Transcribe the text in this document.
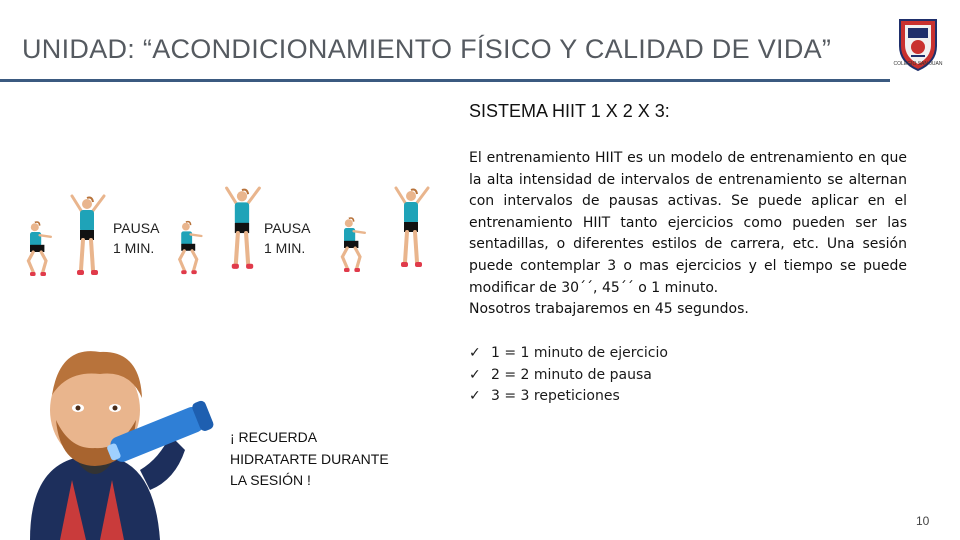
UNIDAD: “ACONDICIONAMIENTO FÍSICO Y CALIDAD DE VIDA”	COLEGIO SAN JUAN
SISTEMA HIIT 1 X 2 X 3:

El entrenamiento HIIT es un modelo de entrenamiento en que la alta intensidad de intervalos de entrenamiento se alternan con intervalos de pausas activas. Se puede aplicar en el entrenamiento HIIT tanto ejercicios como pueden ser las sentadillas, o diferentes estilos de carrera, etc. Una sesión puede contemplar 3 o mas ejercicios y el tiempo se puede modificar de 30´´, 45´´ o 1 minuto.

Nosotros trabajaremos en 45 segundos.

✓ 1 = 1 minuto de ejercicio
✓ 2 = 2 minuto de pausa
✓ 3 = 3 repeticiones
PAUSA
1 MIN.
PAUSA
1 MIN.
¡ RECUERDA
HIDRATARTE DURANTE
LA SESIÓN !
10
